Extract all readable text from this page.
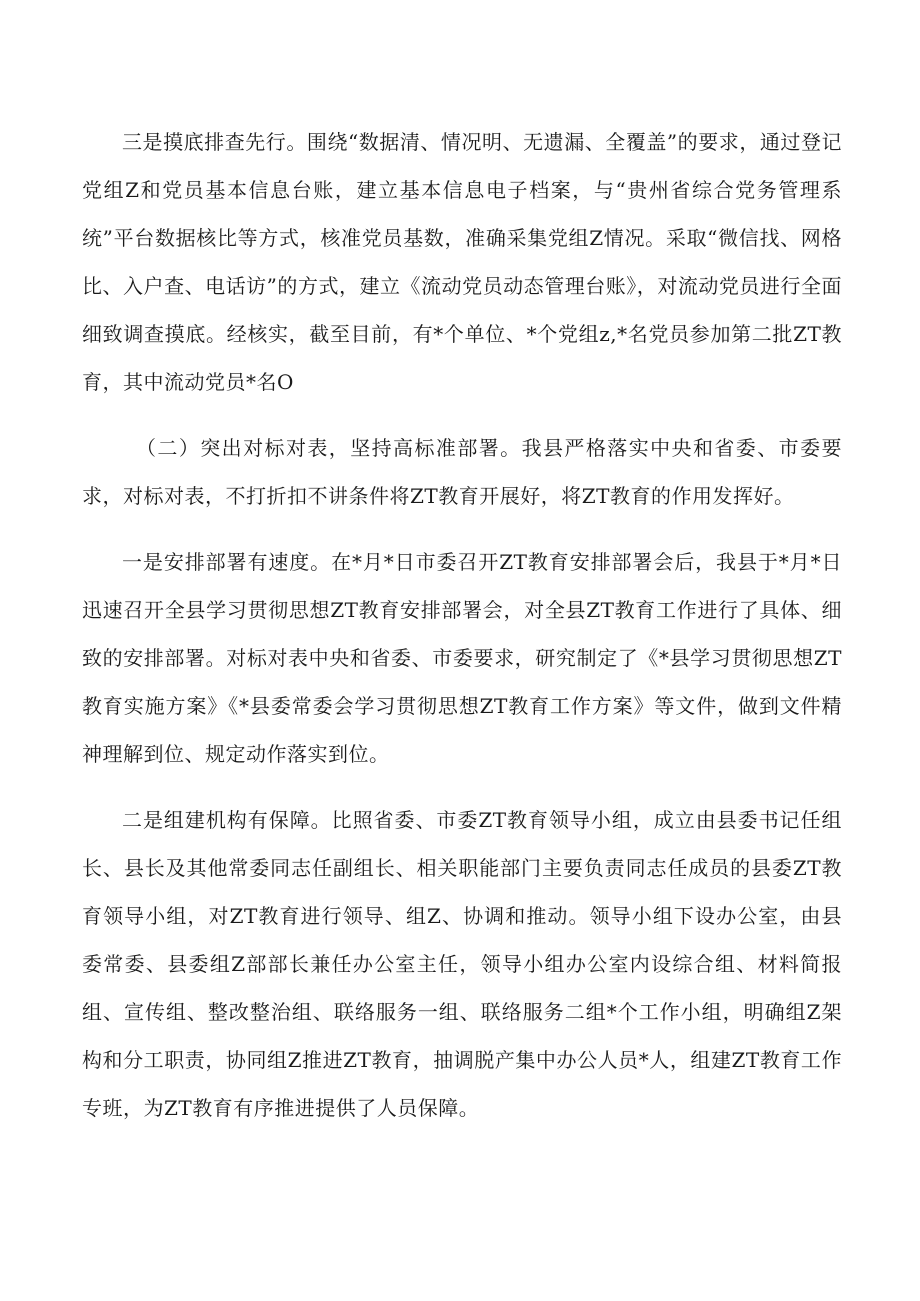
三是摸底排查先行。围绕“数据清、情况明、无遗漏、全覆盖”的要求，通过登记党组Z和党员基本信息台账，建立基本信息电子档案，与“贵州省综合党务管理系统”平台数据核比等方式，核准党员基数，准确采集党组Z情况。采取“微信找、网格比、入户查、电话访”的方式，建立《流动党员动态管理台账》，对流动党员进行全面细致调查摸底。经核实，截至目前，有*个单位、*个党组z,*名党员参加第二批ZT教育，其中流动党员*名O

（二）突出对标对表，坚持高标准部署。我县严格落实中央和省委、市委要求，对标对表，不打折扣不讲条件将ZT教育开展好，将ZT教育的作用发挥好。

一是安排部署有速度。在*月*日市委召开ZT教育安排部署会后，我县于*月*日迅速召开全县学习贯彻思想ZT教育安排部署会，对全县ZT教育工作进行了具体、细致的安排部署。对标对表中央和省委、市委要求，研究制定了《*县学习贯彻思想ZT教育实施方案》《*县委常委会学习贯彻思想ZT教育工作方案》等文件，做到文件精神理解到位、规定动作落实到位。

二是组建机构有保障。比照省委、市委ZT教育领导小组，成立由县委书记任组长、县长及其他常委同志任副组长、相关职能部门主要负责同志任成员的县委ZT教育领导小组，对ZT教育进行领导、组Z、协调和推动。领导小组下设办公室，由县委常委、县委组Z部部长兼任办公室主任，领导小组办公室内设综合组、材料简报组、宣传组、整改整治组、联络服务一组、联络服务二组*个工作小组，明确组Z架构和分工职责，协同组Z推进ZT教育，抽调脱产集中办公人员*人，组建ZT教育工作专班，为ZT教育有序推进提供了人员保障。
